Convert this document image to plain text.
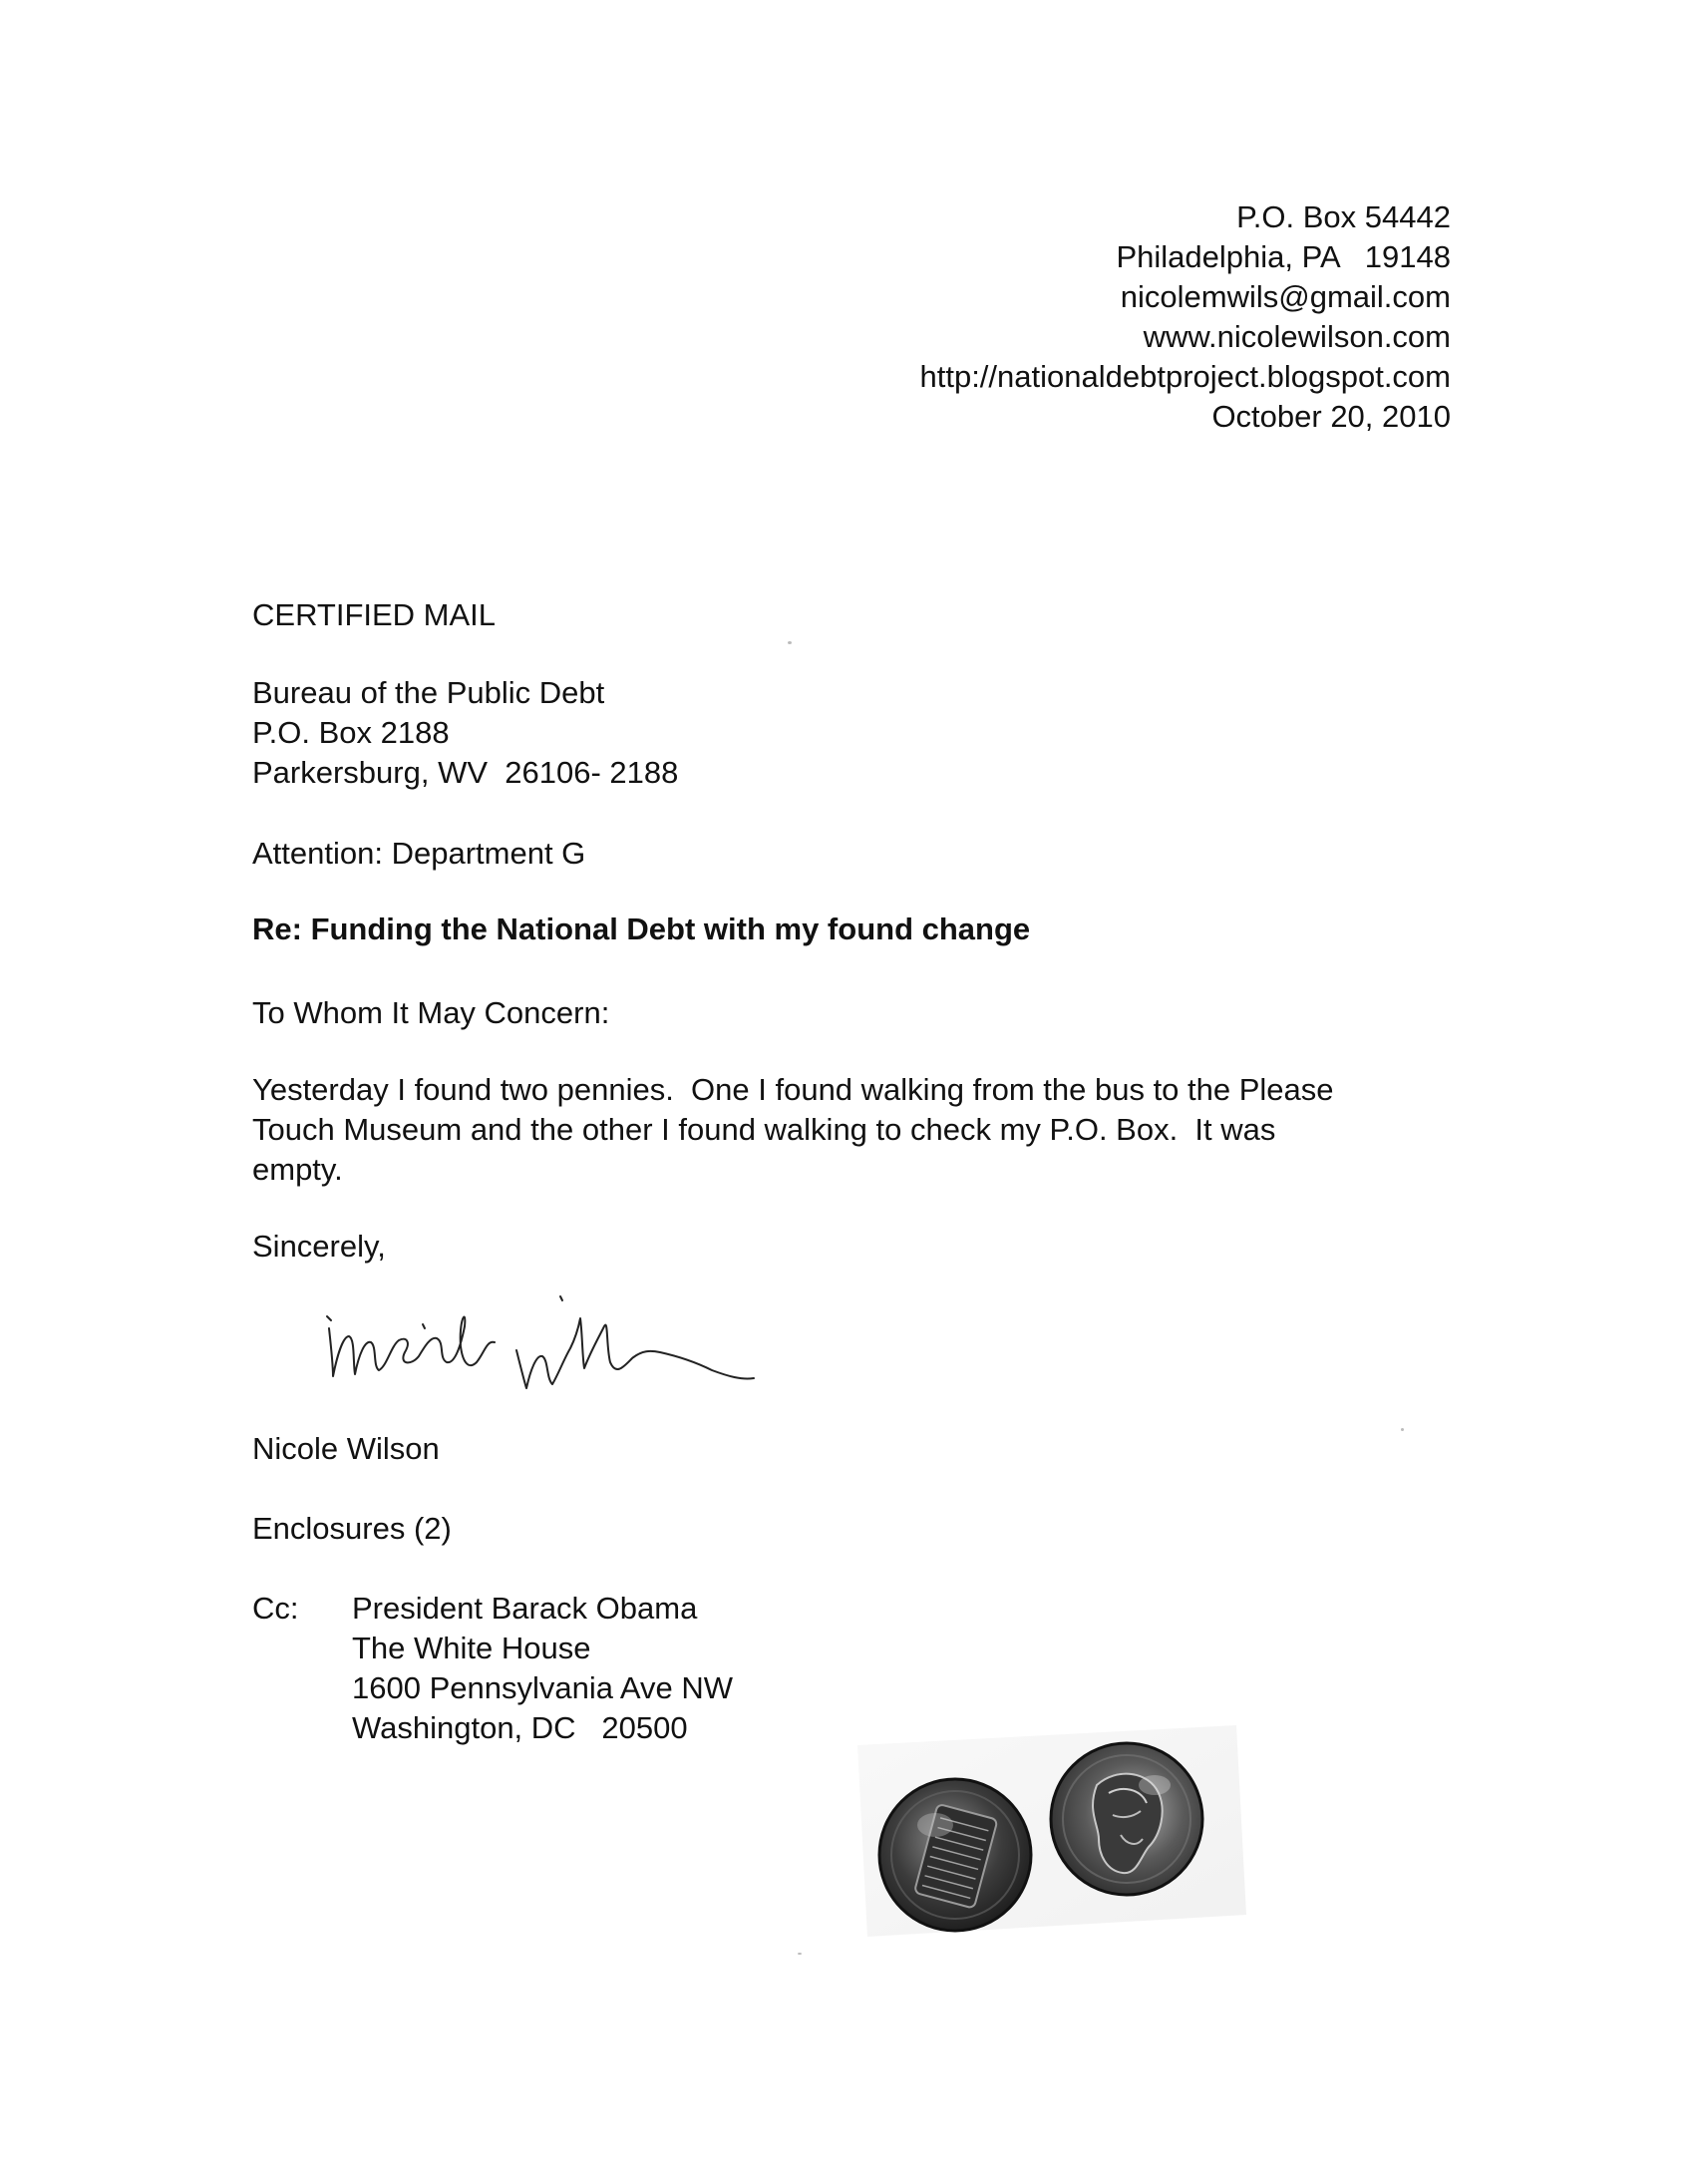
P.O. Box 54442
Philadelphia, PA   19148
nicolemwils@gmail.com
www.nicolewilson.com
http://nationaldebtproject.blogspot.com
October 20, 2010
CERTIFIED MAIL
Bureau of the Public Debt
P.O. Box 2188
Parkersburg, WV  26106- 2188
Attention: Department G
Re: Funding the National Debt with my found change
To Whom It May Concern:
Yesterday I found two pennies.  One I found walking from the bus to the Please
Touch Museum and the other I found walking to check my P.O. Box.  It was
empty.
Sincerely,
Nicole Wilson
Enclosures (2)
Cc: President Barack Obama
The White House
1600 Pennsylvania Ave NW
Washington, DC   20500
